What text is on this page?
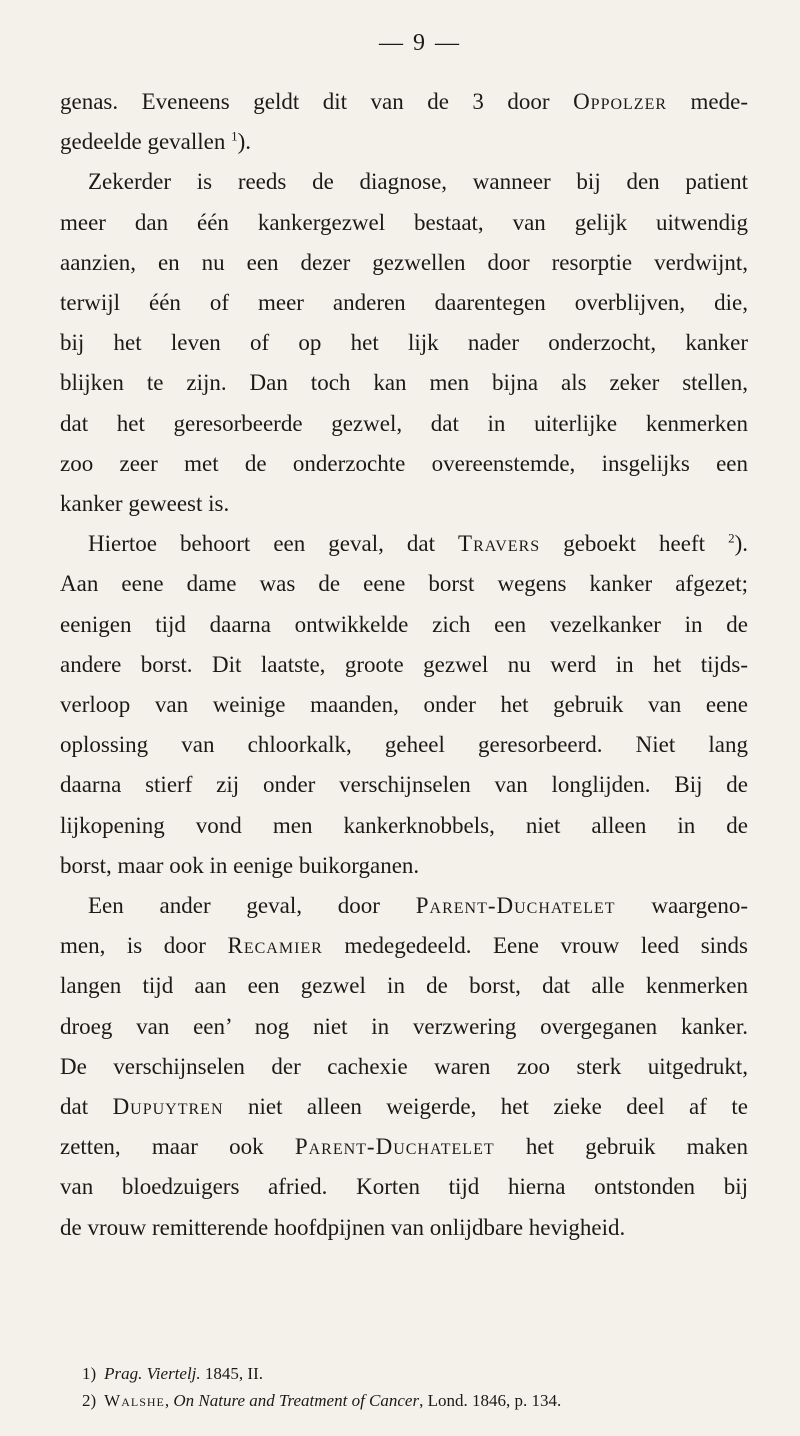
— 9 —
genas. Eveneens geldt dit van de 3 door Oppolzer mede-
gedeelde gevallen $^1$).
Zekerder is reeds de diagnose, wanneer bij den patient
meer dan één kankergezwel bestaat, van gelijk uitwendig
aanzien, en nu een dezer gezwellen door resorptie verdwijnt,
terwijl één of meer anderen daarentegen overblijven, die,
bij het leven of op het lijk nader onderzocht, kanker
blijken te zijn. Dan toch kan men bijna als zeker stellen,
dat het geresorbeerde gezwel, dat in uiterlijke kenmerken
zoo zeer met de onderzochte overeenstemde, insgelijks een
kanker geweest is.
Hiertoe behoort een geval, dat Travers geboekt heeft $^2$).
Aan eene dame was de eene borst wegens kanker afgezet;
eenigen tijd daarna ontwikkelde zich een vezelkanker in de
andere borst. Dit laatste, groote gezwel nu werd in het tijds-
verloop van weinige maanden, onder het gebruik van eene
oplossing van chloorkalk, geheel geresorbeerd. Niet lang
daarna stierf zij onder verschijnselen van longlijden. Bij de
lijkopening vond men kankerknobbels, niet alleen in de
borst, maar ook in eenige buikorganen.
Een ander geval, door Parent-Duchatelet waargeno-
men, is door Recamier medegedeeld. Eene vrouw leed sinds
langen tijd aan een gezwel in de borst, dat alle kenmerken
droeg van een’ nog niet in verzwering overgeganen kanker.
De verschijnselen der cachexie waren zoo sterk uitgedrukt,
dat Dupuytren niet alleen weigerde, het zieke deel af te
zetten, maar ook Parent-Duchatelet het gebruik maken
van bloedzuigers afried. Korten tijd hierna ontstonden bij
de vrouw remitterende hoofdpijnen van onlijdbare hevigheid.
1) Prag. Viertelj. 1845, II.
2) Walshe, On Nature and Treatment of Cancer, Lond. 1846, p. 134.
